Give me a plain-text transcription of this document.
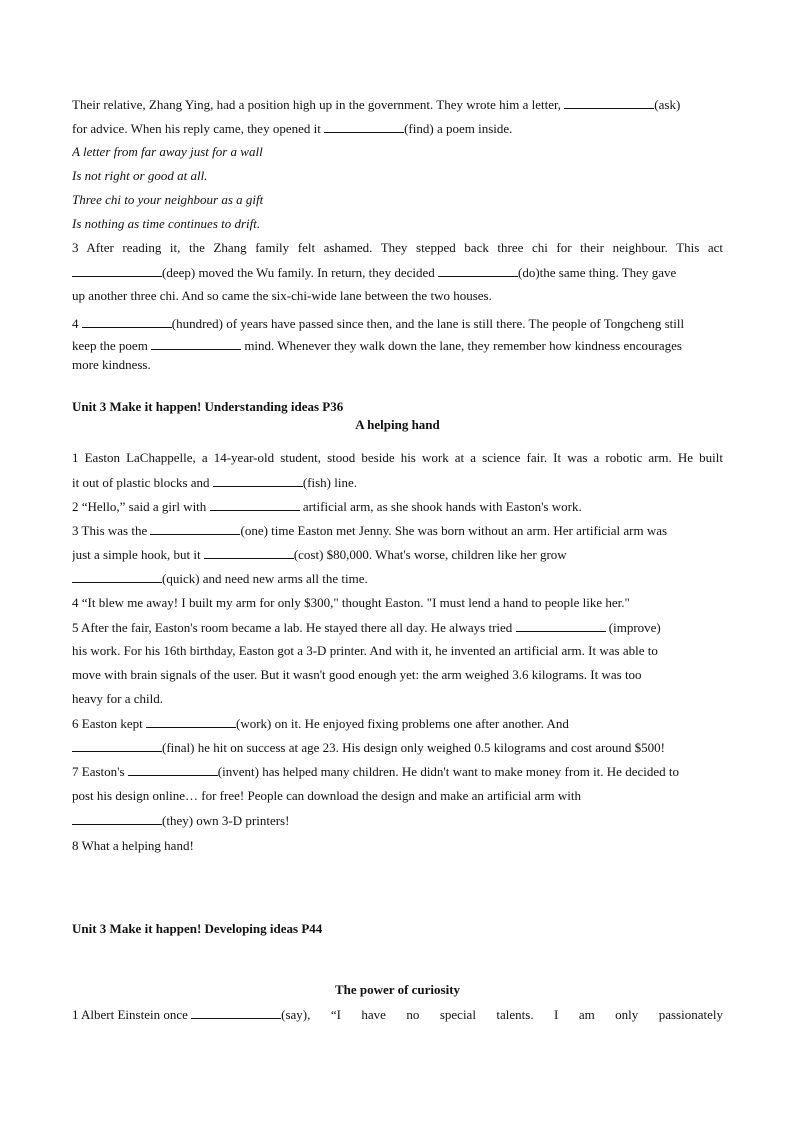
Their relative, Zhang Ying, had a position high up in the government. They wrote him a letter,	(ask)
for advice. When his reply came, they opened it	(find) a poem inside.
A letter from far away just for a wall
Is not right or good at all.
Three chi to your neighbour as a gift
Is nothing as time continues to drift.
3 After reading it, the Zhang family felt ashamed. They stepped back three chi for their neighbour. This act
(deep) moved the Wu family. In return, they decided	(do)the same thing. They gave
up another three chi. And so came the six-chi-wide lane between the two houses.
4	(hundred) of years have passed since then, and the lane is still there. The people of Tongcheng still
keep the poem	mind. Whenever they walk down the lane, they remember how kindness encourages
more kindness.
Unit 3 Make it happen! Understanding ideas P36
A helping hand
1 Easton LaChappelle, a 14-year-old student, stood beside his work at a science fair. It was a robotic arm. He built
it out of plastic blocks and	(fish) line.
2 “Hello,” said a girl with	artificial arm, as she shook hands with Easton's work.
3 This was the	(one) time Easton met Jenny. She was born without an arm. Her artificial arm was
just a simple hook, but it	(cost) $80,000. What's worse, children like her grow
(quick) and need new arms all the time.
4 “It blew me away! I built my arm for only $300," thought Easton. "I must lend a hand to people like her."
5 After the fair, Easton's room became a lab. He stayed there all day. He always tried	(improve)
his work. For his 16th birthday, Easton got a 3-D printer. And with it, he invented an artificial arm. It was able to
move with brain signals of the user. But it wasn't good enough yet: the arm weighed 3.6 kilograms. It was too
heavy for a child.
6 Easton kept	(work) on it. He enjoyed fixing problems one after another. And
(final) he hit on success at age 23. His design only weighed 0.5 kilograms and cost around $500!
7 Easton's	(invent) has helped many children. He didn't want to make money from it. He decided to
post his design online… for free! People can download the design and make an artificial arm with
(they) own 3-D printers!
8 What a helping hand!
Unit 3 Make it happen! Developing ideas P44
The power of curiosity
1 Albert Einstein once
	(say), “I have no special talents. I am only passionately
